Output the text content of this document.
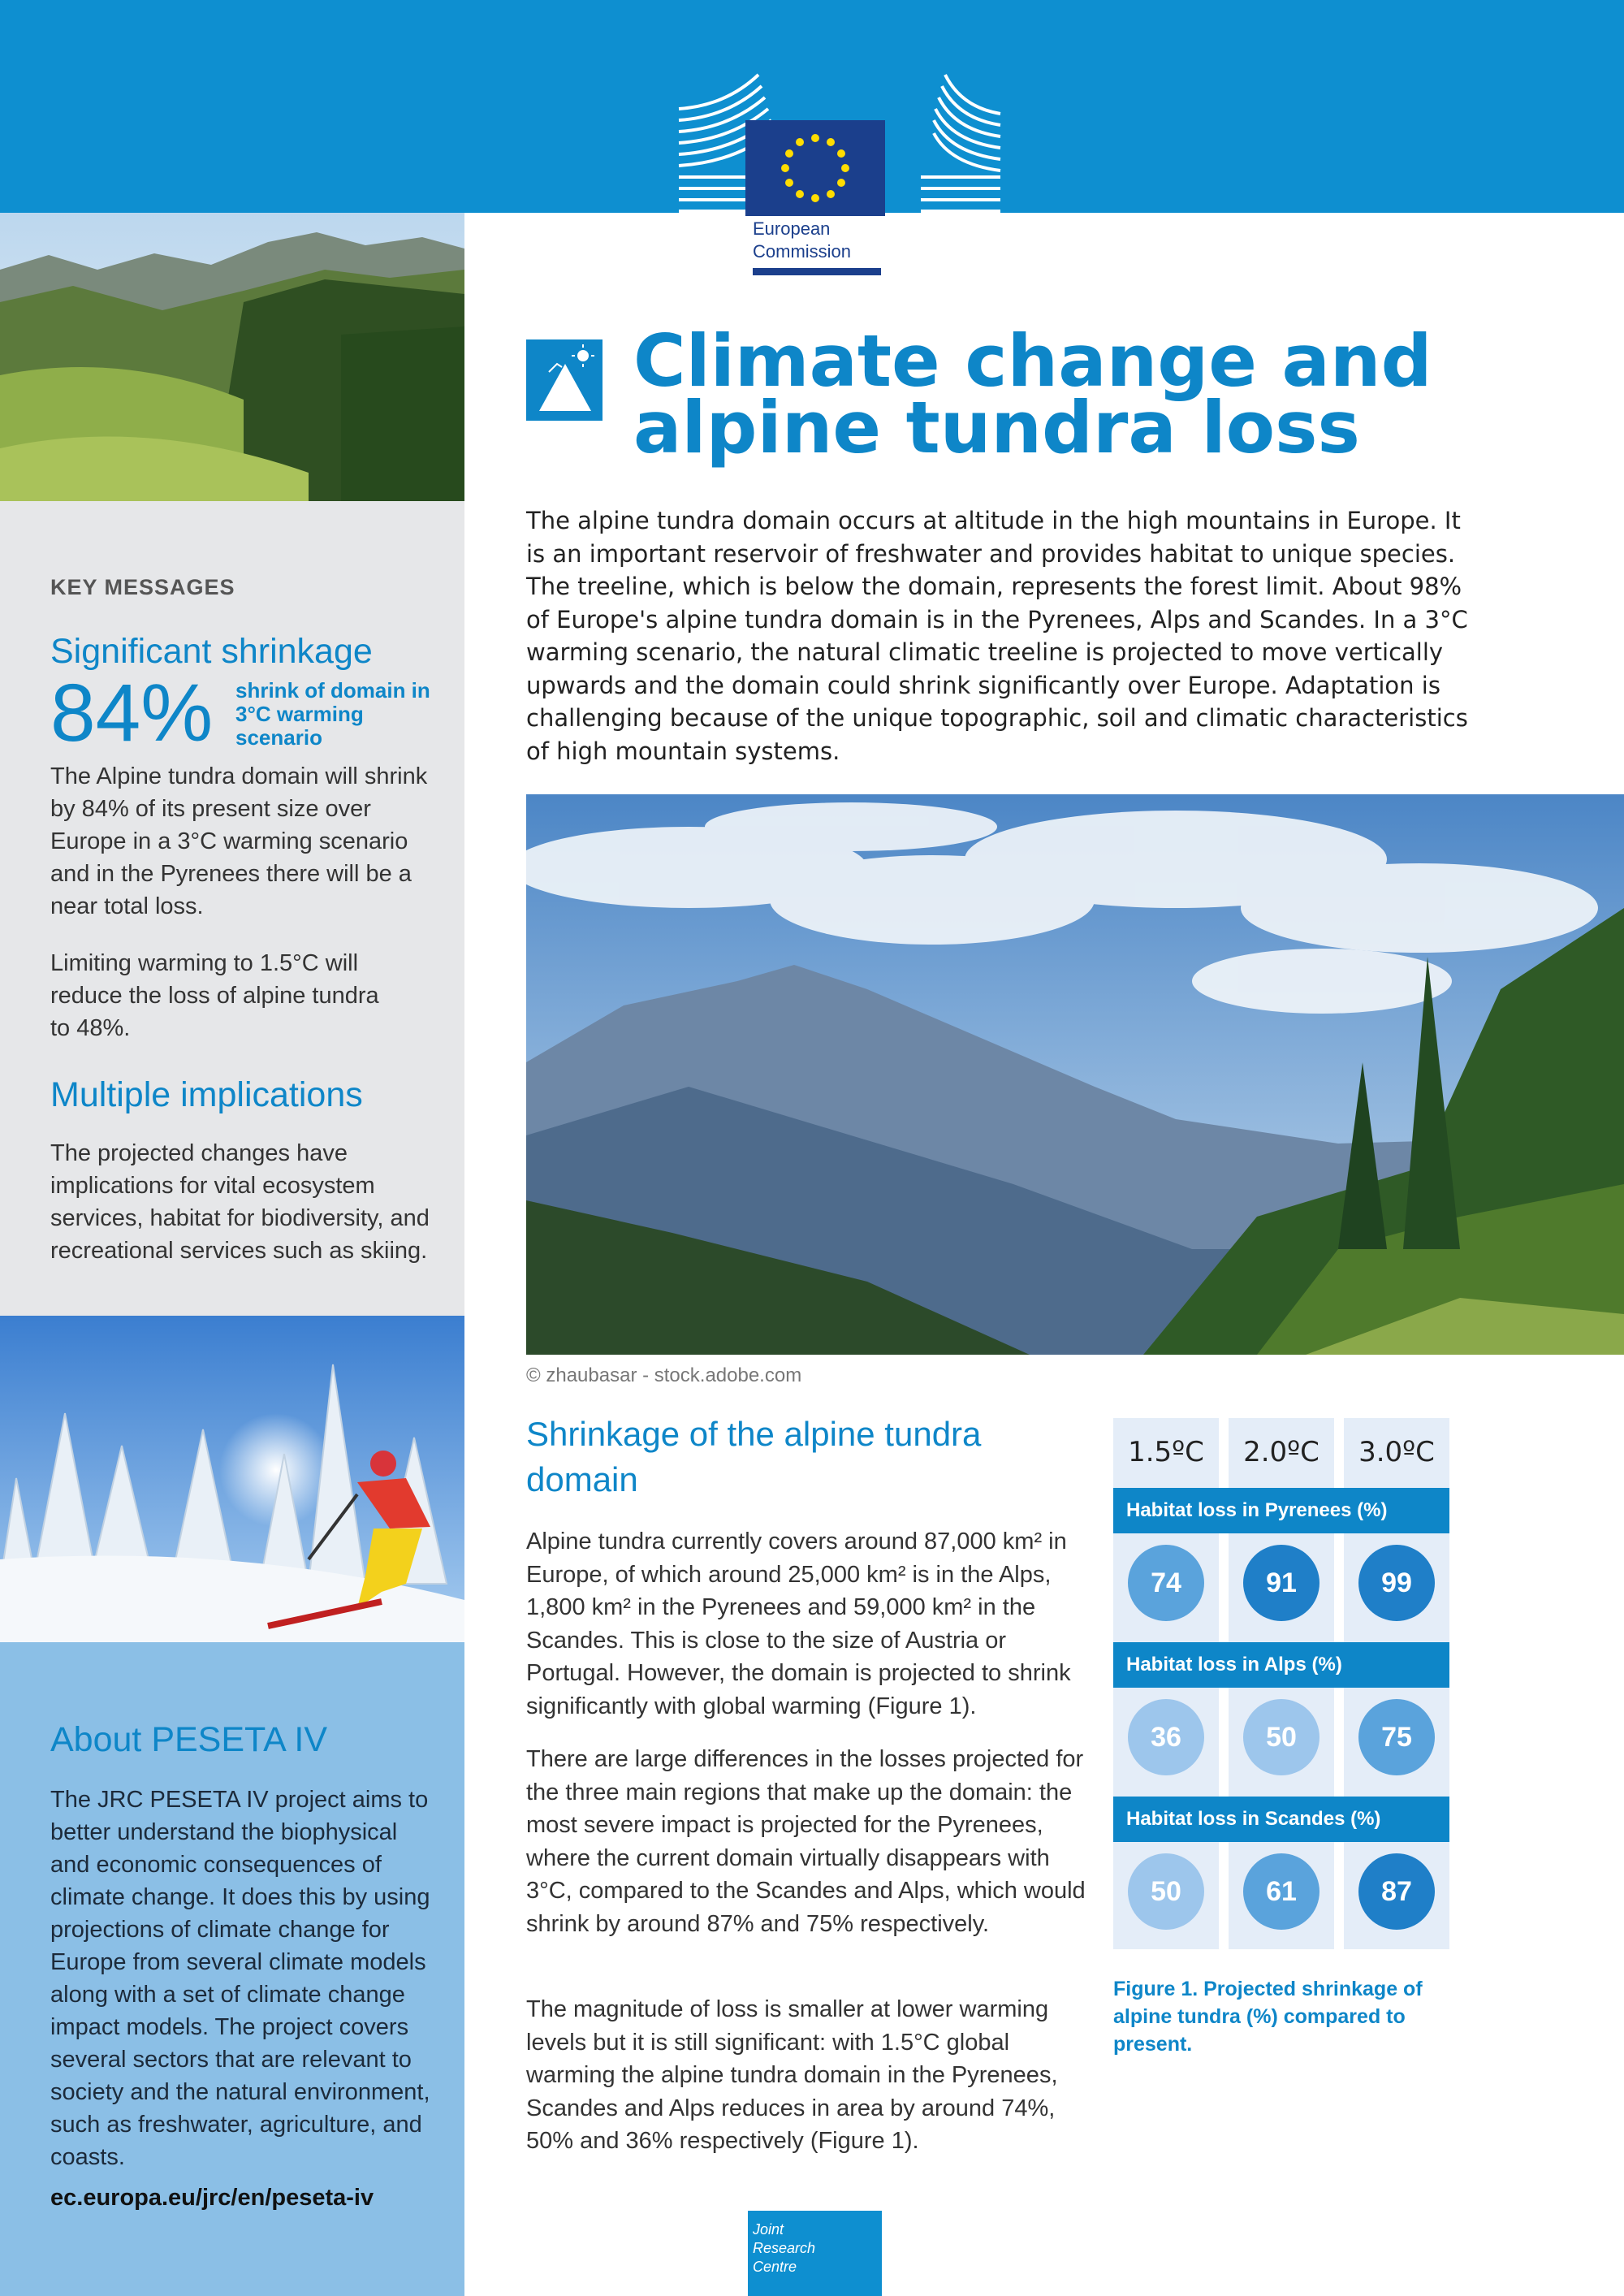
European
Commission
KEY MESSAGES
Significant shrinkage
84% shrink of domain in 3°C warming scenario
The Alpine tundra domain will shrink by 84% of its present size over Europe in a 3°C warming scenario and in the Pyrenees there will be a near total loss.
Limiting warming to 1.5°C will reduce the loss of alpine tundra to 48%.
Multiple implications
The projected changes have implications for vital ecosystem services, habitat for biodiversity, and recreational services such as skiing.
About PESETA IV
The JRC PESETA IV project aims to better understand the biophysical and economic consequences of climate change. It does this by using projections of climate change for Europe from several climate models along with a set of climate change impact models. The project covers several sectors that are relevant to society and the natural environment, such as freshwater, agriculture, and coasts.
ec.europa.eu/jrc/en/peseta-iv
Climate change and
alpine tundra loss
The alpine tundra domain occurs at altitude in the high mountains in Europe. It is an important reservoir of freshwater and provides habitat to unique species. The treeline, which is below the domain, represents the forest limit. About 98% of Europe's alpine tundra domain is in the Pyrenees, Alps and Scandes. In a 3°C warming scenario, the natural climatic treeline is projected to move vertically upwards and the domain could shrink significantly over Europe. Adaptation is challenging because of the unique topographic, soil and climatic characteristics of high mountain systems.
© zhaubasar - stock.adobe.com
Shrinkage of the alpine tundra domain
Alpine tundra currently covers around 87,000 km² in Europe, of which around 25,000 km² is in the Alps, 1,800 km² in the Pyrenees and 59,000 km² in the Scandes. This is close to the size of Austria or Portugal. However, the domain is projected to shrink significantly with global warming (Figure 1).
There are large differences in the losses projected for the three main regions that make up the domain: the most severe impact is projected for the Pyrenees, where the current domain virtually disappears with 3°C, compared to the Scandes and Alps, which would shrink by around 87% and 75% respectively.
The magnitude of loss is smaller at lower warming levels but it is still significant: with 1.5°C global warming the alpine tundra domain in the Pyrenees, Scandes and Alps reduces in area by around 74%, 50% and 36% respectively (Figure 1).
1.5ºC	2.0ºC	3.0ºC
Habitat loss in Pyrenees (%)
74	91	99
Habitat loss in Alps (%)
36	50	75
Habitat loss in Scandes (%)
50	61	87
Figure 1. Projected shrinkage of alpine tundra (%) compared to present.
Joint
Research
Centre
